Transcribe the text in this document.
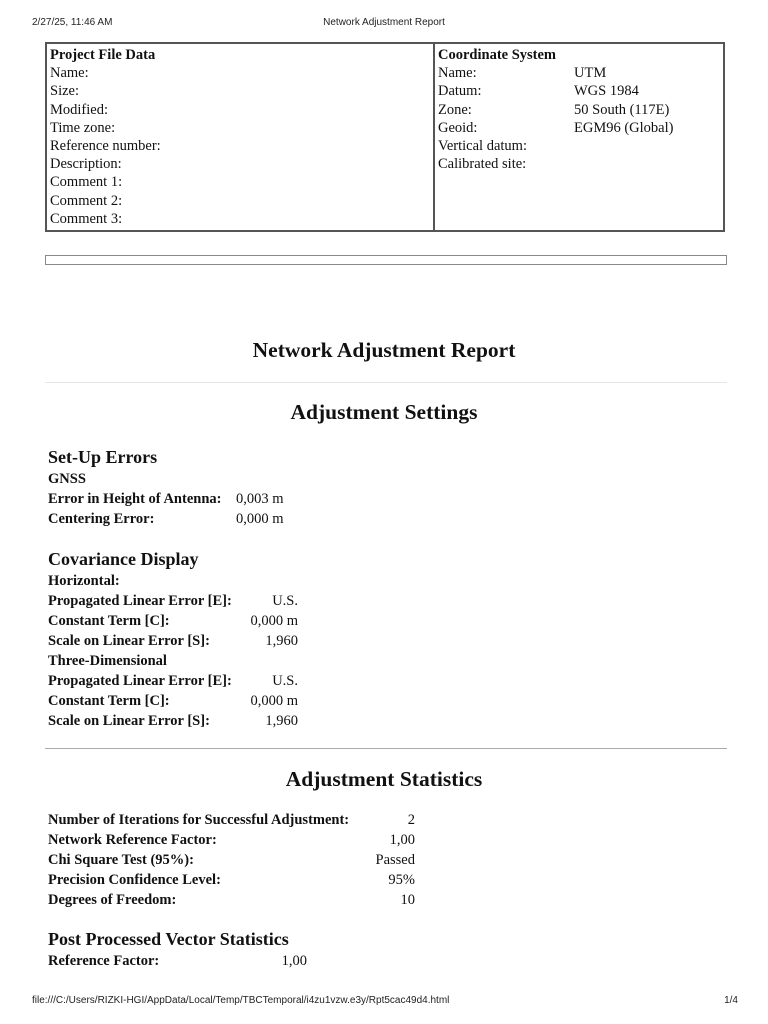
2/27/25, 11:46 AM	Network Adjustment Report
Project File Data
Name:
Size:
Modified:
Time zone:
Reference number:
Description:
Comment 1:
Comment 2:
Comment 3:
Coordinate System
Name:	UTM
Datum:	WGS 1984
Zone:	50 South (117E)
Geoid:	EGM96 (Global)
Vertical datum:
Calibrated site:
Network Adjustment Report
Adjustment Settings
Set-Up Errors
GNSS
Error in Height of Antenna: 0,003 m
Centering Error:	0,000 m
Covariance Display
Horizontal:
Propagated Linear Error [E]:	U.S.
Constant Term [C]:	0,000 m
Scale on Linear Error [S]:	1,960
Three-Dimensional
Propagated Linear Error [E]:	U.S.
Constant Term [C]:	0,000 m
Scale on Linear Error [S]:	1,960
Adjustment Statistics
Number of Iterations for Successful Adjustment:	2
Network Reference Factor:	1,00
Chi Square Test (95%):	Passed
Precision Confidence Level:	95%
Degrees of Freedom:	10
Post Processed Vector Statistics
Reference Factor:	1,00
file:///C:/Users/RIZKI-HGI/AppData/Local/Temp/TBCTemporal/i4zu1vzw.e3y/Rpt5cac49d4.html	1/4
